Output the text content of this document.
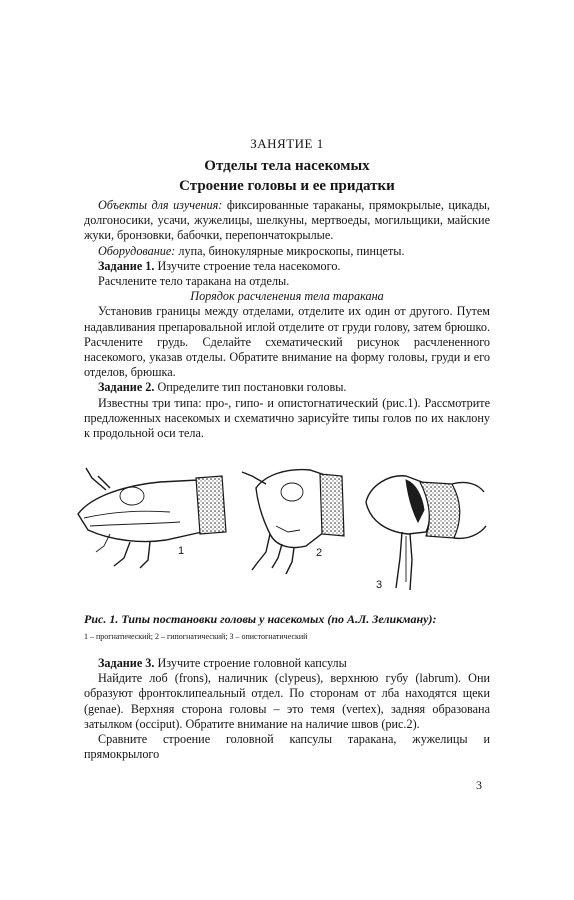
ЗАНЯТИЕ 1
Отделы тела насекомых
Строение головы и ее придатки

Объекты для изучения: фиксированные тараканы, прямокрылые, цикады, долгоносики, усачи, жужелицы, шелкуны, мертвоеды, могильщики, майские жуки, бронзовки, бабочки, перепончатокрылые.

Оборудование: лупа, бинокулярные микроскопы, пинцеты.

Задание 1. Изучите строение тела насекомого.

Расчлените тело таракана на отделы.

Порядок расчленения тела таракана

Установив границы между отделами, отделите их один от другого. Путем надавливания препаровальной иглой отделите от груди голову, затем брюшко. Расчлените грудь. Сделайте схематический рисунок расчлененного насекомого, указав отделы. Обратите внимание на форму головы, груди и его отделов, брюшка.

Задание 2. Определите тип постановки головы.

Известны три типа: про-, гипо- и опистогнатический (рис.1). Рассмотрите предложенных насекомых и схематично зарисуйте типы голов по их наклону к продольной оси тела.

1	2
3
Рис. 1. Типы постановки головы у насекомых (по А.Л. Зеликману):
1 – прогнатический; 2 – гипогнатический; 3 – опистогнатический

Задание 3. Изучите строение головной капсулы

Найдите лоб (frons), наличник (clypeus), верхнюю губу (labrum). Они образуют фронтоклипеальный отдел. По сторонам от лба находятся щеки (genae). Верхняя сторона головы – это темя (vertex), задняя образована затылком (occiput). Обратите внимание на наличие швов (рис.2).

Сравните строение головной капсулы таракана, жужелицы и прямокрылого

3
